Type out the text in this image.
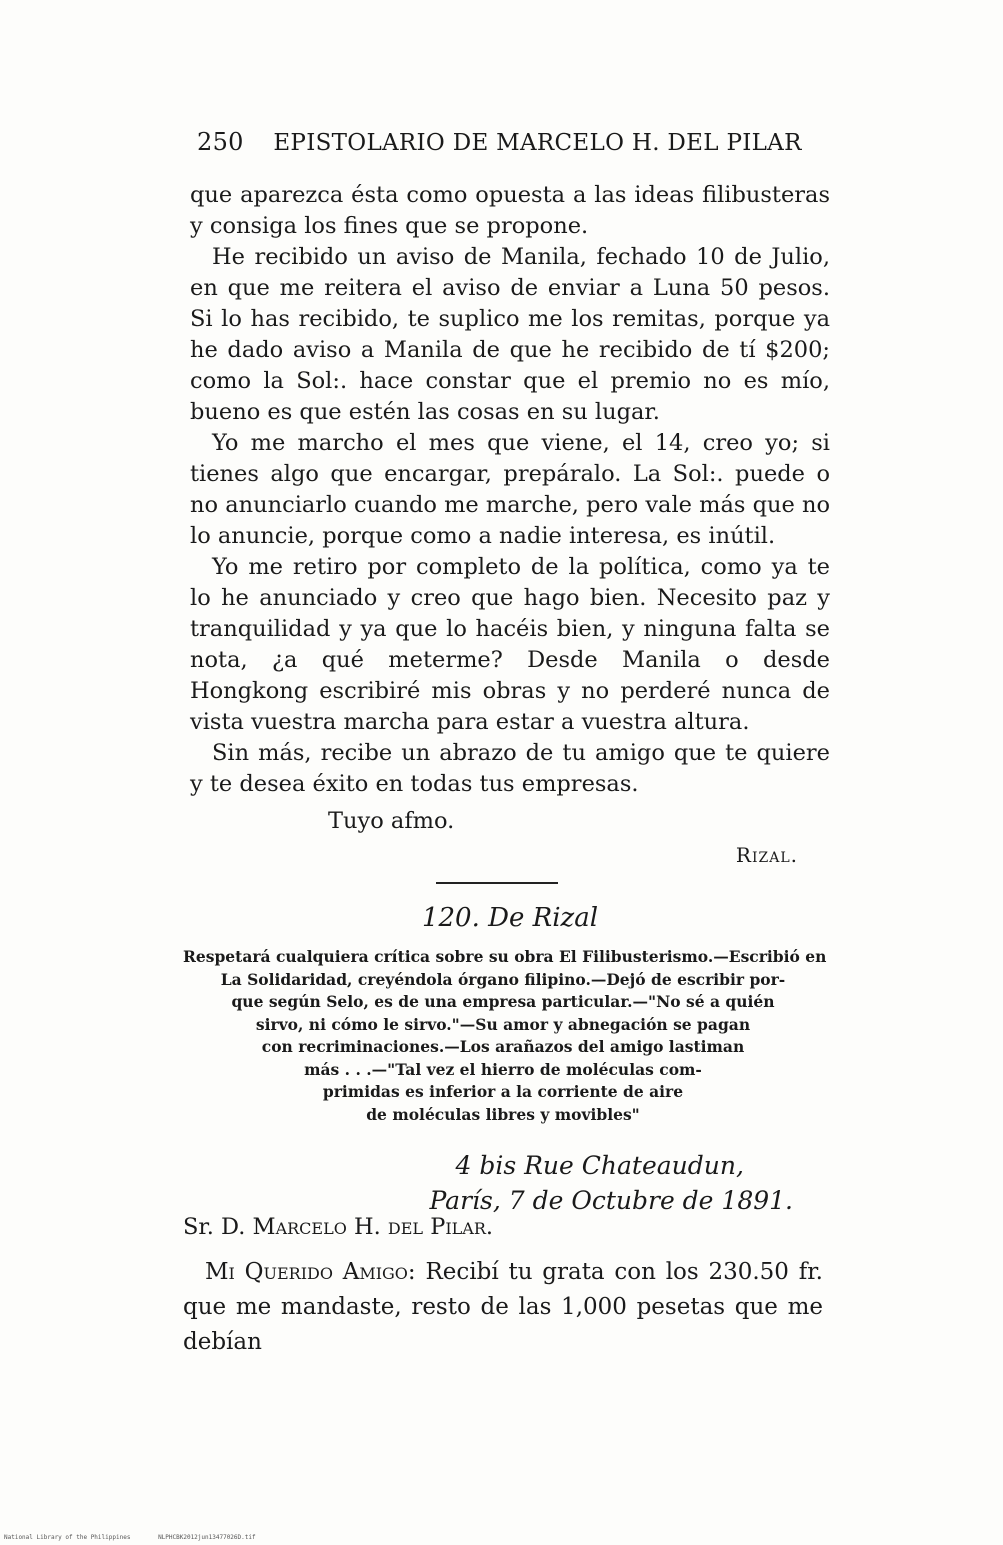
250 EPISTOLARIO DE MARCELO H. DEL PILAR

que aparezca ésta como opuesta a las ideas filibusteras y consiga los fines que se propone.

He recibido un aviso de Manila, fechado 10 de Julio, en que me reitera el aviso de enviar a Luna 50 pesos. Si lo has recibido, te suplico me los remitas, porque ya he dado aviso a Manila de que he recibido de tí $200; como la Sol:. hace constar que el premio no es mío, bueno es que estén las cosas en su lugar.

Yo me marcho el mes que viene, el 14, creo yo; si tienes algo que encargar, prepáralo. La Sol:. puede o no anunciarlo cuando me marche, pero vale más que no lo anuncie, porque como a nadie interesa, es inútil.

Yo me retiro por completo de la política, como ya te lo he anunciado y creo que hago bien. Necesito paz y tranquilidad y ya que lo hacéis bien, y ninguna falta se nota, ¿a qué meterme? Desde Manila o desde Hongkong escribiré mis obras y no perderé nunca de vista vuestra marcha para estar a vuestra altura.

Sin más, recibe un abrazo de tu amigo que te quiere y te desea éxito en todas tus empresas.

Tuyo afmo.
Rizal.
120. De Rizal
Respetará cualquiera crítica sobre su obra El Filibusterismo.—Escribió en
La Solidaridad, creyéndola órgano filipino.—Dejó de escribir por-
que según Selo, es de una empresa particular.—"No sé a quién
sirvo, ni cómo le sirvo."—Su amor y abnegación se pagan
con recriminaciones.—Los arañazos del amigo lastiman
más . . .—"Tal vez el hierro de moléculas com-
primidas es inferior a la corriente de aire
de moléculas libres y movibles"
4 bis Rue Chateaudun,
París, 7 de Octubre de 1891.
Sr. D. Marcelo H. del Pilar.

Mi Querido Amigo: Recibí tu grata con los 230.50 fr. que me mandaste, resto de las 1,000 pesetas que me debían

National Library of the Philippines	NLPHCBK2012jun13477026D.tif
